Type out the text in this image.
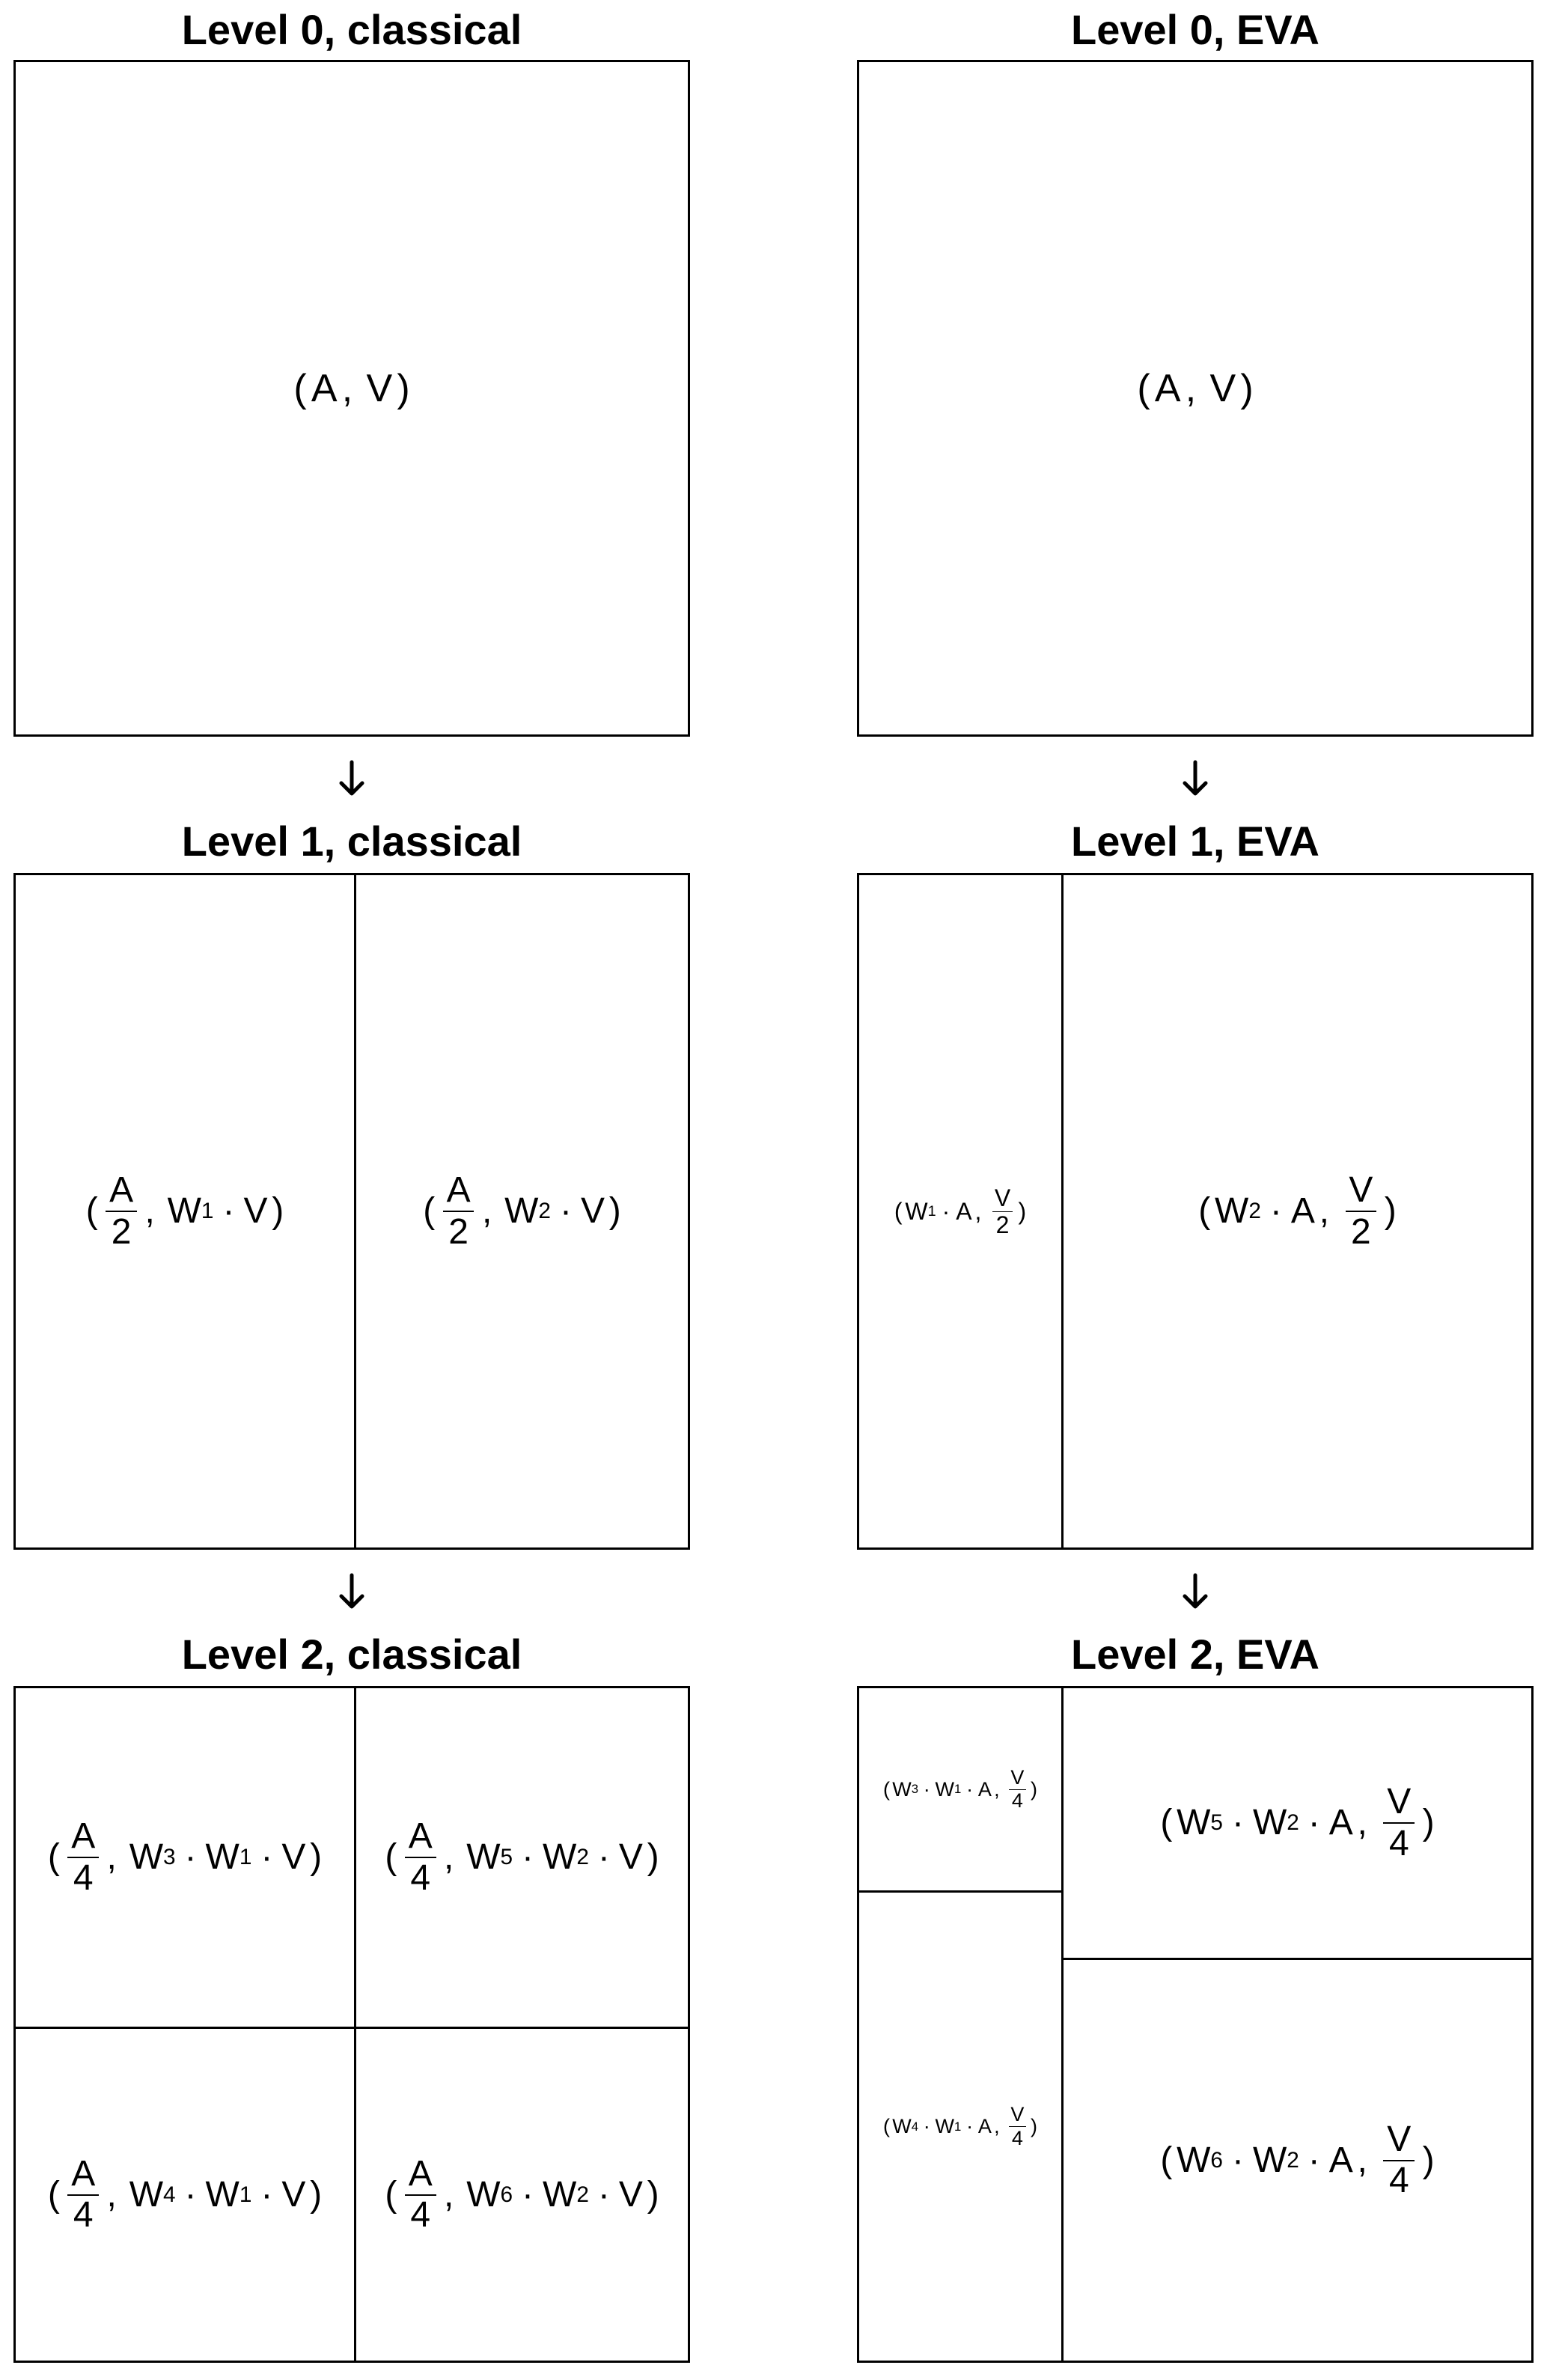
Level 0, classical	Level 0, EVA
Level 1, classical	Level 1, EVA
Level 2, classical	Level 2, EVA
( A , V )	( A , V )
( $\frac{A}{2}$ , W 1 · V )	( $\frac{A}{2}$ , W 2 · V )	( W 1 · A , $\frac{V}{2}$ )	( W 2 · A , $\frac{V}{2}$ )
( $\frac{A}{4}$ , W 3 · W 1 · V ) ( $\frac{A}{4}$ , W 5 · W 2 · V )
( $\frac{A}{4}$ , W 4 · W 1 · V ) ( $\frac{A}{4}$ , W 6 · W 2 · V )
( W 3 · W 1 · A , $\frac{V}{4}$ )
( W 4 · W 1 · A , $\frac{V}{4}$ )
( W 5 · W 2 · A , $\frac{V}{4}$ )
( W 6 · W 2 · A , $\frac{V}{4}$ )
